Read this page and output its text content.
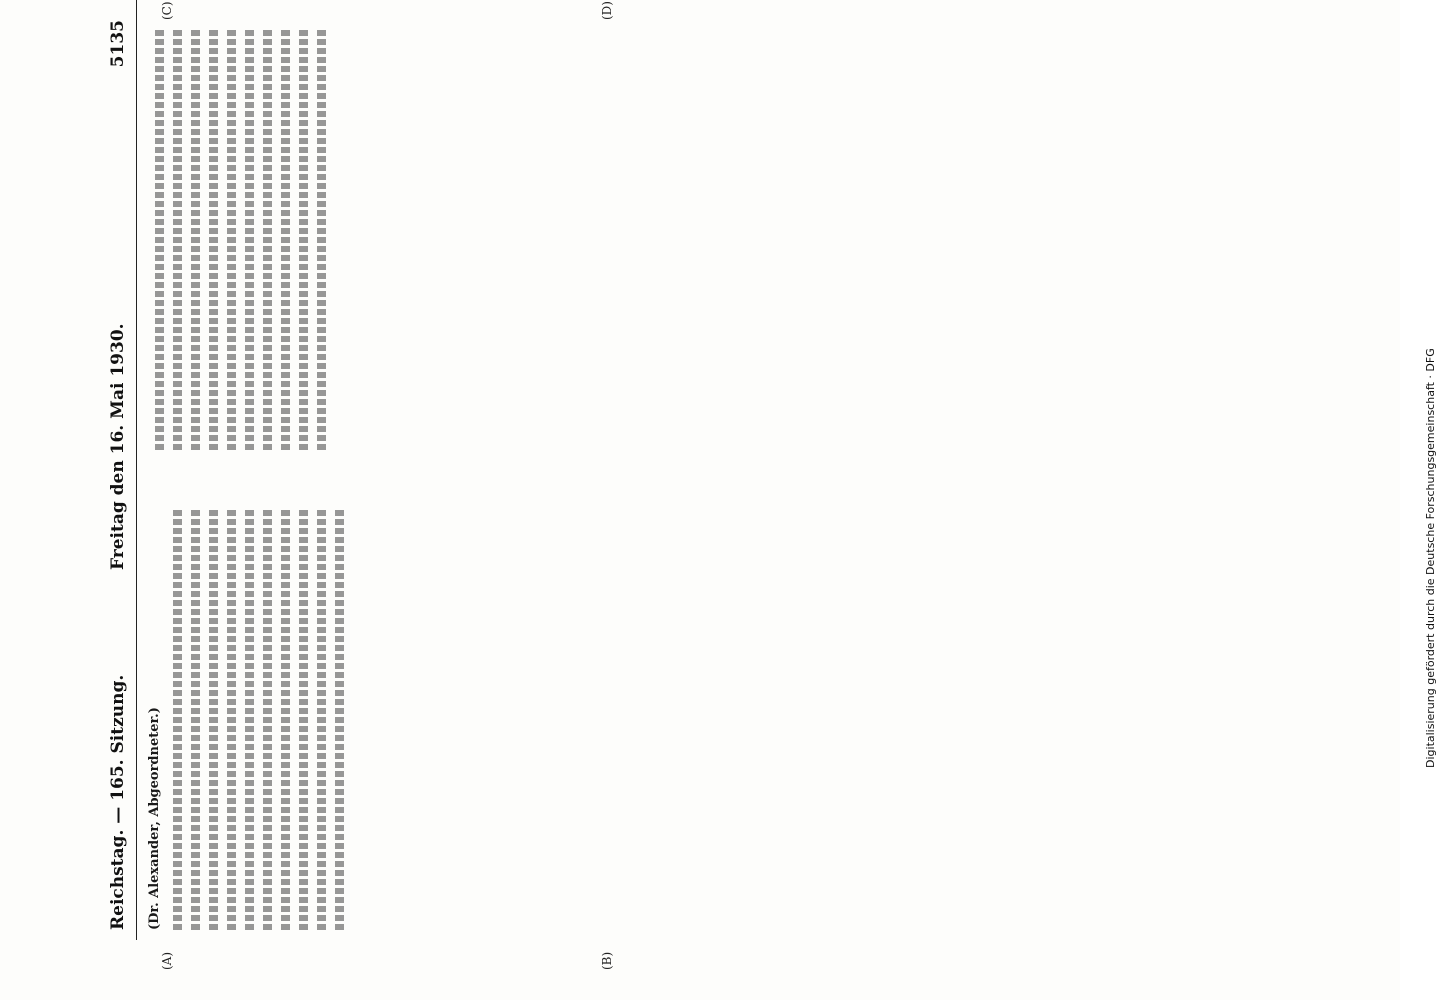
Reichstag. — 165. Sitzung.
Freitag den 16. Mai 1930.
5135

(Dr. Alexander, Abgeordneter.)

(A)	(B)
(C)	(D)
Digitalisierung gefördert durch die Deutsche Forschungsgemeinschaft · DFG
